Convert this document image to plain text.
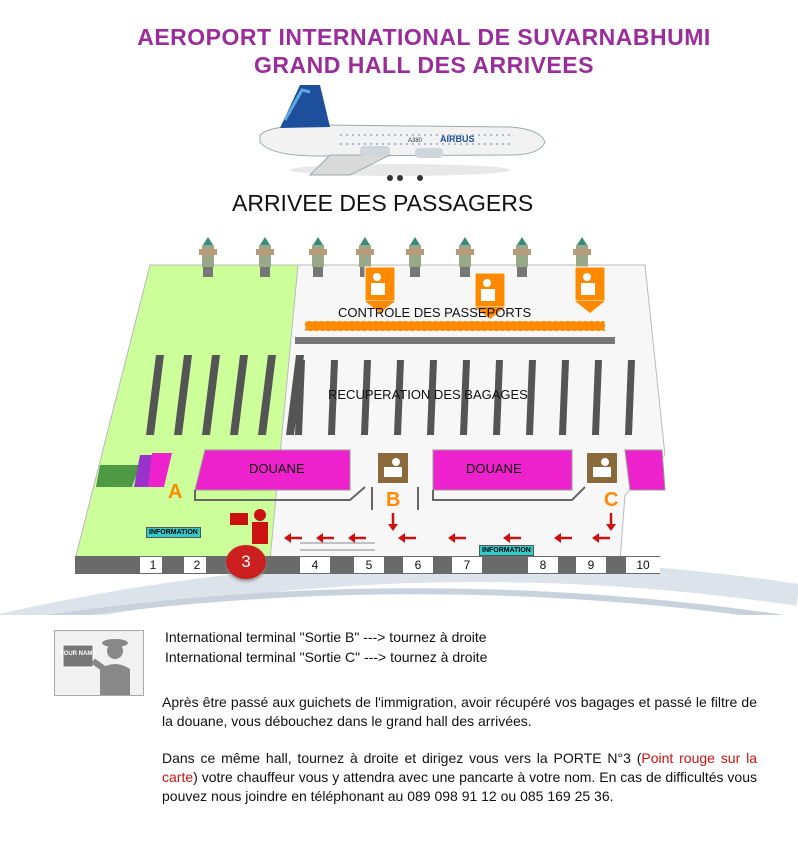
AEROPORT INTERNATIONAL DE SUVARNABHUMI
GRAND HALL DES ARRIVEES
AIRBUS
A380
ARRIVEE DES PASSAGERS
CONTROLE DES PASSEPORTS
RECUPERATION DES BAGAGES
DOUANE	DOUANE
A	B	C
INFORMATION
INFORMATION
1	2	4	5	6	7	8	9	10
3
YOUR NAME
International terminal "Sortie B" ---> tournez à droite
International terminal "Sortie C" ---> tournez à droite

Après être passé aux guichets de l'immigration, avoir récupéré vos bagages et passé le filtre de la douane, vous débouchez dans le grand hall des arrivées.

Dans ce même hall, tournez à droite et dirigez vous vers la PORTE N°3 (Point rouge sur la carte) votre chauffeur vous y attendra avec une pancarte à votre nom. En cas de difficultés vous pouvez nous joindre en téléphonant au 089 098 91 12 ou 085 169 25 36.
